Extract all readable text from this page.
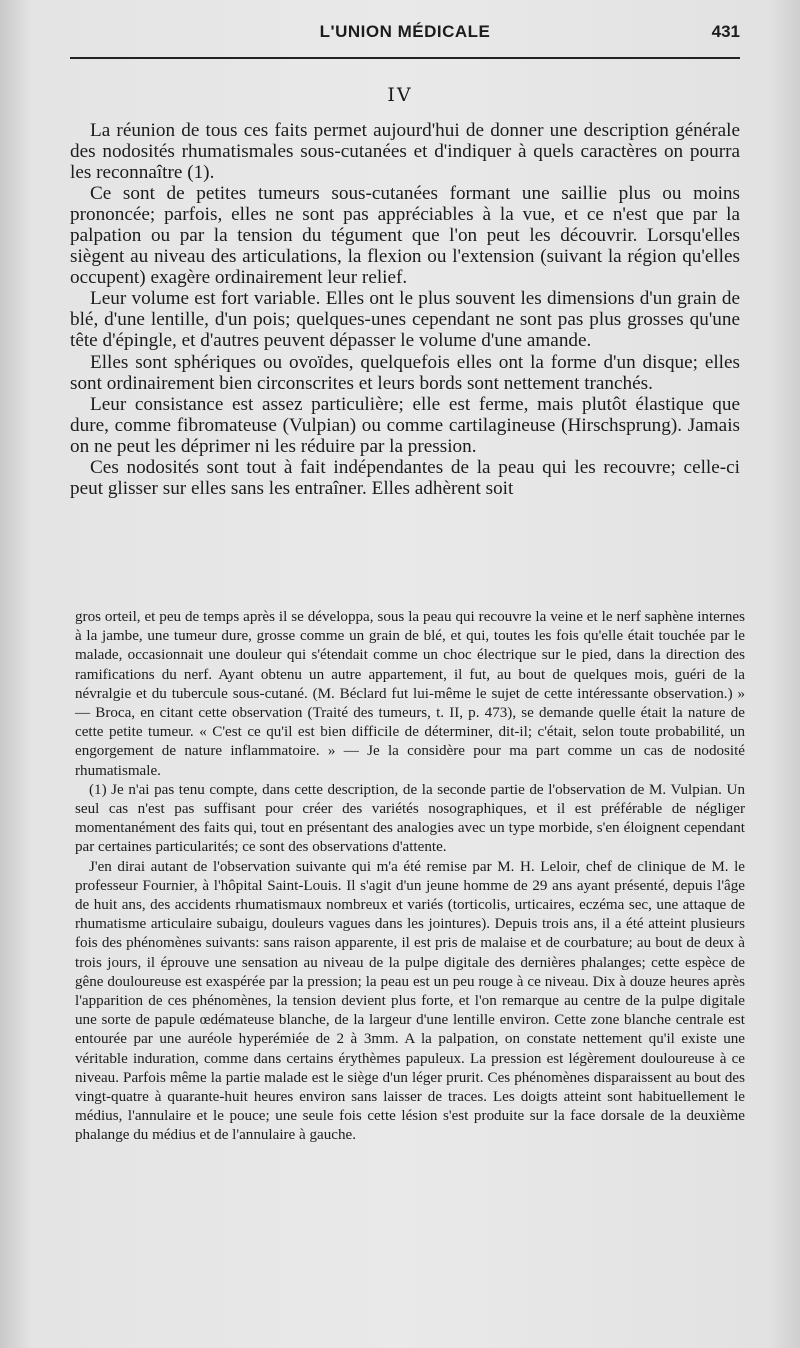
L'UNION MÉDICALE	431
IV

La réunion de tous ces faits permet aujourd'hui de donner une description générale des nodosités rhumatismales sous-cutanées et d'indiquer à quels caractères on pourra les reconnaître (1).

Ce sont de petites tumeurs sous-cutanées formant une saillie plus ou moins prononcée; parfois, elles ne sont pas appréciables à la vue, et ce n'est que par la palpation ou par la tension du tégument que l'on peut les découvrir. Lorsqu'elles siègent au niveau des articulations, la flexion ou l'extension (suivant la région qu'elles occupent) exagère ordinairement leur relief.

Leur volume est fort variable. Elles ont le plus souvent les dimensions d'un grain de blé, d'une lentille, d'un pois; quelques-unes cependant ne sont pas plus grosses qu'une tête d'épingle, et d'autres peuvent dépasser le volume d'une amande.

Elles sont sphériques ou ovoïdes, quelquefois elles ont la forme d'un disque; elles sont ordinairement bien circonscrites et leurs bords sont nettement tranchés.

Leur consistance est assez particulière; elle est ferme, mais plutôt élastique que dure, comme fibromateuse (Vulpian) ou comme cartilagineuse (Hirschsprung). Jamais on ne peut les déprimer ni les réduire par la pression.

Ces nodosités sont tout à fait indépendantes de la peau qui les recouvre; celle-ci peut glisser sur elles sans les entraîner. Elles adhèrent soit

gros orteil, et peu de temps après il se développa, sous la peau qui recouvre la veine et le nerf saphène internes à la jambe, une tumeur dure, grosse comme un grain de blé, et qui, toutes les fois qu'elle était touchée par le malade, occasionnait une douleur qui s'étendait comme un choc électrique sur le pied, dans la direction des ramifications du nerf. Ayant obtenu un autre appartement, il fut, au bout de quelques mois, guéri de la névralgie et du tubercule sous-cutané. (M. Béclard fut lui-même le sujet de cette intéressante observation.) » — Broca, en citant cette observation (Traité des tumeurs, t. II, p. 473), se demande quelle était la nature de cette petite tumeur. « C'est ce qu'il est bien difficile de déterminer, dit-il; c'était, selon toute probabilité, un engorgement de nature inflammatoire. » — Je la considère pour ma part comme un cas de nodosité rhumatismale.

(1) Je n'ai pas tenu compte, dans cette description, de la seconde partie de l'observation de M. Vulpian. Un seul cas n'est pas suffisant pour créer des variétés nosographiques, et il est préférable de négliger momentanément des faits qui, tout en présentant des analogies avec un type morbide, s'en éloignent cependant par certaines particularités; ce sont des observations d'attente.

J'en dirai autant de l'observation suivante qui m'a été remise par M. H. Leloir, chef de clinique de M. le professeur Fournier, à l'hôpital Saint-Louis. Il s'agit d'un jeune homme de 29 ans ayant présenté, depuis l'âge de huit ans, des accidents rhumatismaux nombreux et variés (torticolis, urticaires, eczéma sec, une attaque de rhumatisme articulaire subaigu, douleurs vagues dans les jointures). Depuis trois ans, il a été atteint plusieurs fois des phénomènes suivants: sans raison apparente, il est pris de malaise et de courbature; au bout de deux à trois jours, il éprouve une sensation au niveau de la pulpe digitale des dernières phalanges; cette espèce de gêne douloureuse est exaspérée par la pression; la peau est un peu rouge à ce niveau. Dix à douze heures après l'apparition de ces phénomènes, la tension devient plus forte, et l'on remarque au centre de la pulpe digitale une sorte de papule œdémateuse blanche, de la largeur d'une lentille environ. Cette zone blanche centrale est entourée par une auréole hyperémiée de 2 à 3mm. A la palpation, on constate nettement qu'il existe une véritable induration, comme dans certains érythèmes papuleux. La pression est légèrement douloureuse à ce niveau. Parfois même la partie malade est le siège d'un léger prurit. Ces phénomènes disparaissent au bout des vingt-quatre à quarante-huit heures environ sans laisser de traces. Les doigts atteint sont habituellement le médius, l'annulaire et le pouce; une seule fois cette lésion s'est produite sur la face dorsale de la deuxième phalange du médius et de l'annulaire à gauche.
